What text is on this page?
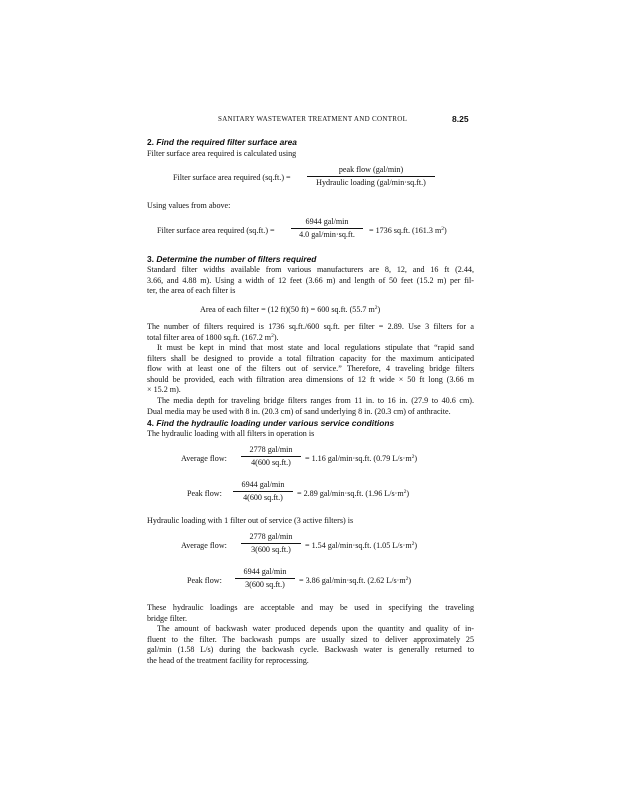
SANITARY WASTEWATER TREATMENT AND CONTROL	8.25
2. Find the required filter surface area
Filter surface area required is calculated using
Filter surface area required (sq.ft.) =
peak flow (gal/min)
Hydraulic loading (gal/min·sq.ft.)
Using values from above:
Filter surface area required (sq.ft.) =
6944 gal/min
4.0 gal/min·sq.ft.	= 1736 sq.ft. (161.3 $m^2$)
3. Determine the number of filters required
Standard filter widths available from various manufacturers are 8, 12, and 16 ft (2.44,
3.66, and 4.88 m). Using a width of 12 feet (3.66 m) and length of 50 feet (15.2 m) per fil-
ter, the area of each filter is
Area of each filter = (12 ft)(50 ft) = 600 sq.ft. (55.7 $m^2$)
The number of filters required is 1736 sq.ft./600 sq.ft. per filter = 2.89. Use 3 filters for a
total filter area of 1800 sq.ft. (167.2 $m^2$).
It must be kept in mind that most state and local regulations stipulate that “rapid sand
filters shall be designed to provide a total filtration capacity for the maximum anticipated
flow with at least one of the filters out of service.” Therefore, 4 traveling bridge filters
should be provided, each with filtration area dimensions of 12 ft wide × 50 ft long (3.66 m
× 15.2 m).
The media depth for traveling bridge filters ranges from 11 in. to 16 in. (27.9 to 40.6 cm).
Dual media may be used with 8 in. (20.3 cm) of sand underlying 8 in. (20.3 cm) of anthracite.
4. Find the hydraulic loading under various service conditions
The hydraulic loading with all filters in operation is
Average flow:
2778 gal/min
4(600 sq.ft.)	= 1.16 gal/min·sq.ft. (0.79 $L/s\cdot m^2$)
Peak flow:
6944 gal/min
4(600 sq.ft.)	= 2.89 gal/min·sq.ft. (1.96 $L/s\cdot m^2$)
Hydraulic loading with 1 filter out of service (3 active filters) is
Average flow:
2778 gal/min
3(600 sq.ft.)	= 1.54 gal/min·sq.ft. (1.05 $L/s\cdot m^2$)
Peak flow:
6944 gal/min
3(600 sq.ft.)	= 3.86 gal/min·sq.ft. (2.62 $L/s\cdot m^2$)
These hydraulic loadings are acceptable and may be used in specifying the traveling
bridge filter.
The amount of backwash water produced depends upon the quantity and quality of in-
fluent to the filter. The backwash pumps are usually sized to deliver approximately 25
gal/min (1.58 L/s) during the backwash cycle. Backwash water is generally returned to
the head of the treatment facility for reprocessing.
